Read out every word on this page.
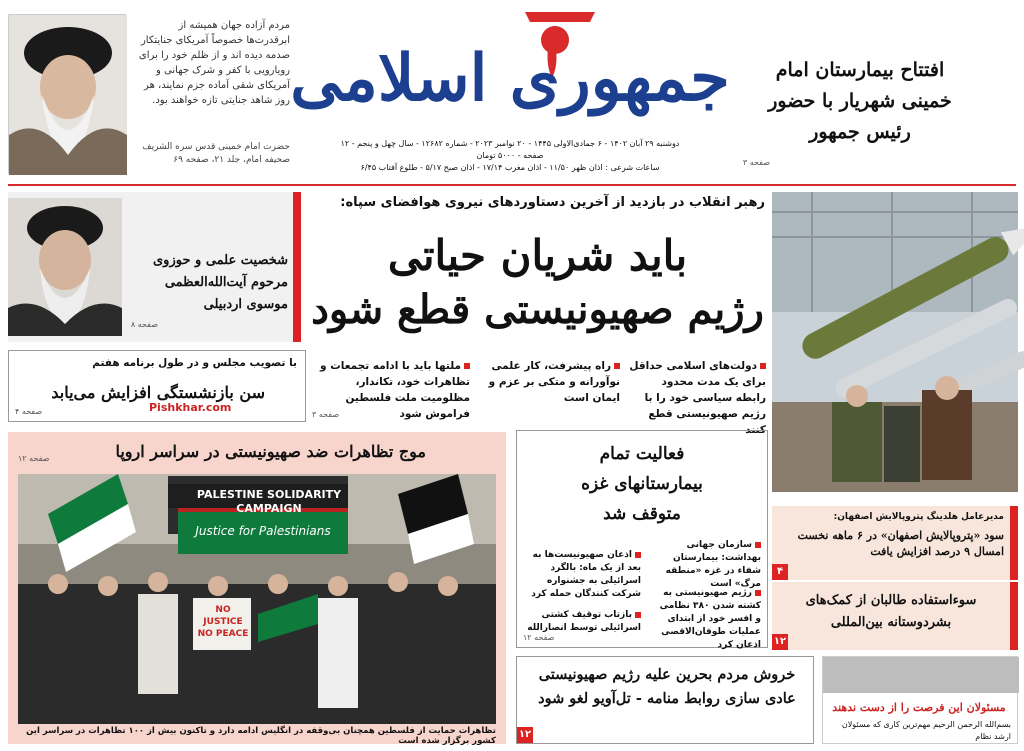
مردم آزاده جهان همیشه از ابرقدرت‌ها خصوصاً آمریکای جنایتکار صدمه دیده اند و از ظلم خود را برای رویارویی با کفر و شرک جهانی و آمریکای شقی آماده جزم نمایند، هر روز شاهد جنایتی تازه خواهند بود.
حضرت امام خمینی قدس سره الشریف صحیفه امام، جلد ۲۱، صفحه ۶۹
جمهوری اسلامی
دوشنبه ۲۹ آبان ۱۴۰۲ - ۶ جمادی‌الاولی ۱۴۴۵ - ۲۰ نوامبر ۲۰۲۳ - شماره ۱۲۶۸۲ - سال چهل و پنجم - ۱۲ صفحه - ۵۰۰۰ تومان
ساعات شرعی : اذان ظهر ۱۱/۵۰ - اذان مغرب ۱۷/۱۴ - اذان صبح ۵/۱۷ - طلوع آفتاب ۶/۴۵
افتتاح بیمارستان امام خمینی شهریار با حضور رئیس جمهور
صفحه ۳
شخصیت علمی و حوزوی مرحوم آیت‌الله‌العظمی موسوی اردبیلی
صفحه ۸
رهبر انقلاب در بازدید از آخرین دستاوردهای نیروی هوافضای سپاه:
باید شریان حیاتی
رژیم صهیونیستی قطع شود
دولت‌های اسلامی حداقل برای یک مدت محدود رابطه سیاسی خود را با رژیم صهیونیستی قطع کنند
راه پیشرفت، کار علمی نوآورانه و متکی بر عزم و ایمان است
ملتها باید با ادامه تجمعات و تظاهرات خود، تکاندار، مظلومیت ملت فلسطین فراموش شود
صفحه ۳
با تصویب مجلس و در طول برنامه هفتم
سن بازنشستگی افزایش می‌یابد
Pishkhar.com
صفحه ۴
موج تظاهرات ضد صهیونیستی در سراسر اروپا
صفحه ۱۲
PALESTINE SOLIDARITY CAMPAIGN
Justice for Palestinians
NO JUSTICE NO PEACE
تظاهرات حمایت از فلسطین همچنان بی‌وقفه در انگلیس ادامه دارد و تاکنون بیش از ۱۰۰ تظاهرات در سراسر این کشور برگزار شده است
فعالیت تمام بیمارستانهای غزه متوقف شد
سازمان جهانی بهداشت: بیمارستان شفاء در غزه «منطقه مرگ» است
رژیم صهیونیستی به کشته شدن ۳۸۰ نظامی و افسر خود از ابتدای عملیات طوفان‌الاقصی اذعان کرد
اذعان صهیونیست‌ها به بعد از یک ماه: بالگرد اسرائیلی به جشنواره شرکت کنندگان حمله کرد
بازتاب توقیف کشتی اسرائیلی توسط انصارالله
صفحه ۱۲
خروش مردم بحرین علیه رژیم صهیونیستی عادی سازی روابط منامه - تل‌آویو لغو شود
۱۲
مدیرعامل هلدینگ پتروپالایش اصفهان:
سود «پتروپالایش اصفهان» در ۶ ماهه نخست امسال ۹ درصد افزایش یافت
۴
سوءاستفاده طالبان از کمک‌های بشردوستانه بین‌المللی
۱۲
مسئولان این فرصت را از دست ندهند
بسم‌الله الرحمن الرحیم مهم‌ترین کاری که مسئولان ارشد نظام
